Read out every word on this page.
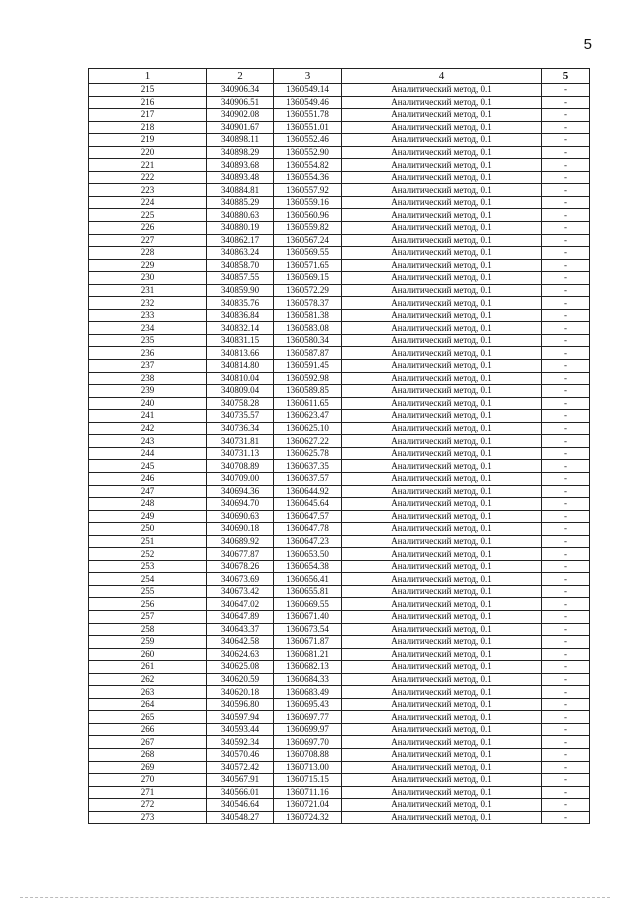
5
1	2	3	4	5
215	340906.34	1360549.14	Аналитический метод, 0.1	-
216	340906.51	1360549.46	Аналитический метод, 0.1	-
217	340902.08	1360551.78	Аналитический метод, 0.1	-
218	340901.67	1360551.01	Аналитический метод, 0.1	-
219	340898.11	1360552.46	Аналитический метод, 0.1	-
220	340898.29	1360552.90	Аналитический метод, 0.1	-
221	340893.68	1360554.82	Аналитический метод, 0.1	-
222	340893.48	1360554.36	Аналитический метод, 0.1	-
223	340884.81	1360557.92	Аналитический метод, 0.1	-
224	340885.29	1360559.16	Аналитический метод, 0.1	-
225	340880.63	1360560.96	Аналитический метод, 0.1	-
226	340880.19	1360559.82	Аналитический метод, 0.1	-
227	340862.17	1360567.24	Аналитический метод, 0.1	-
228	340863.24	1360569.55	Аналитический метод, 0.1	-
229	340858.70	1360571.65	Аналитический метод, 0.1	-
230	340857.55	1360569.15	Аналитический метод, 0.1	-
231	340859.90	1360572.29	Аналитический метод, 0.1	-
232	340835.76	1360578.37	Аналитический метод, 0.1	-
233	340836.84	1360581.38	Аналитический метод, 0.1	-
234	340832.14	1360583.08	Аналитический метод, 0.1	-
235	340831.15	1360580.34	Аналитический метод, 0.1	-
236	340813.66	1360587.87	Аналитический метод, 0.1	-
237	340814.80	1360591.45	Аналитический метод, 0.1	-
238	340810.04	1360592.98	Аналитический метод, 0.1	-
239	340809.04	1360589.85	Аналитический метод, 0.1	-
240	340758.28	1360611.65	Аналитический метод, 0.1	-
241	340735.57	1360623.47	Аналитический метод, 0.1	-
242	340736.34	1360625.10	Аналитический метод, 0.1	-
243	340731.81	1360627.22	Аналитический метод, 0.1	-
244	340731.13	1360625.78	Аналитический метод, 0.1	-
245	340708.89	1360637.35	Аналитический метод, 0.1	-
246	340709.00	1360637.57	Аналитический метод, 0.1	-
247	340694.36	1360644.92	Аналитический метод, 0.1	-
248	340694.70	1360645.64	Аналитический метод, 0.1	-
249	340690.63	1360647.57	Аналитический метод, 0.1	-
250	340690.18	1360647.78	Аналитический метод, 0.1	-
251	340689.92	1360647.23	Аналитический метод, 0.1	-
252	340677.87	1360653.50	Аналитический метод, 0.1	-
253	340678.26	1360654.38	Аналитический метод, 0.1	-
254	340673.69	1360656.41	Аналитический метод, 0.1	-
255	340673.42	1360655.81	Аналитический метод, 0.1	-
256	340647.02	1360669.55	Аналитический метод, 0.1	-
257	340647.89	1360671.40	Аналитический метод, 0.1	-
258	340643.37	1360673.54	Аналитический метод, 0.1	-
259	340642.58	1360671.87	Аналитический метод, 0.1	-
260	340624.63	1360681.21	Аналитический метод, 0.1	-
261	340625.08	1360682.13	Аналитический метод, 0.1	-
262	340620.59	1360684.33	Аналитический метод, 0.1	-
263	340620.18	1360683.49	Аналитический метод, 0.1	-
264	340596.80	1360695.43	Аналитический метод, 0.1	-
265	340597.94	1360697.77	Аналитический метод, 0.1	-
266	340593.44	1360699.97	Аналитический метод, 0.1	-
267	340592.34	1360697.70	Аналитический метод, 0.1	-
268	340570.46	1360708.88	Аналитический метод, 0.1	-
269	340572.42	1360713.00	Аналитический метод, 0.1	-
270	340567.91	1360715.15	Аналитический метод, 0.1	-
271	340566.01	1360711.16	Аналитический метод, 0.1	-
272	340546.64	1360721.04	Аналитический метод, 0.1	-
273	340548.27	1360724.32	Аналитический метод, 0.1	-
